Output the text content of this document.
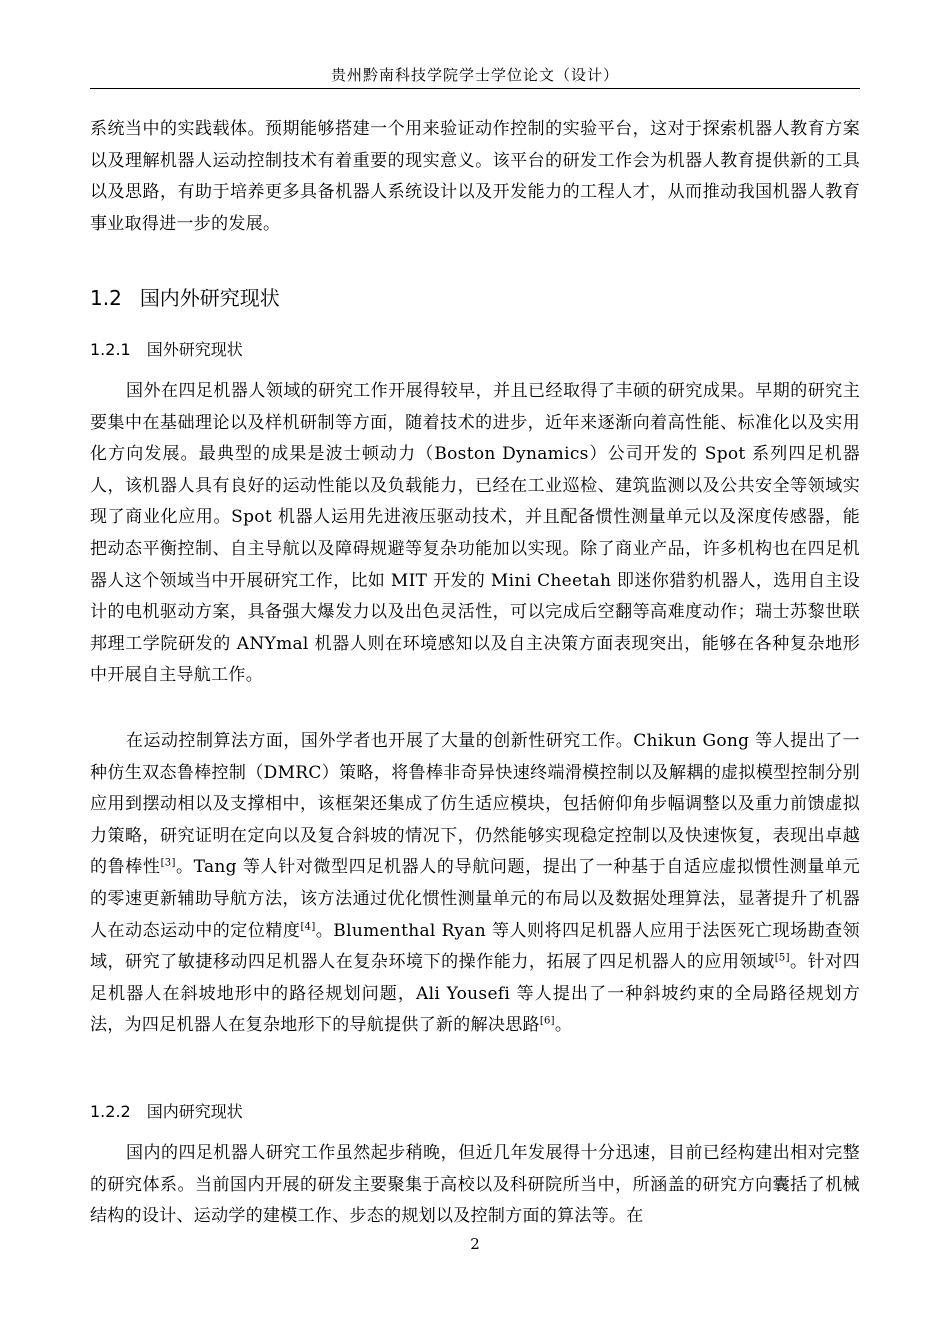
贵州黔南科技学院学士学位论文（设计）
系统当中的实践载体。预期能够搭建一个用来验证动作控制的实验平台，这对于探索机器人教育方案以及理解机器人运动控制技术有着重要的现实意义。该平台的研发工作会为机器人教育提供新的工具以及思路，有助于培养更多具备机器人系统设计以及开发能力的工程人才，从而推动我国机器人教育事业取得进一步的发展。
1.2 国内外研究现状
1.2.1 国外研究现状
国外在四足机器人领域的研究工作开展得较早，并且已经取得了丰硕的研究成果。早期的研究主要集中在基础理论以及样机研制等方面，随着技术的进步，近年来逐渐向着高性能、标准化以及实用化方向发展。最典型的成果是波士顿动力（Boston Dynamics）公司开发的 Spot 系列四足机器人，该机器人具有良好的运动性能以及负载能力，已经在工业巡检、建筑监测以及公共安全等领域实现了商业化应用。Spot 机器人运用先进液压驱动技术，并且配备惯性测量单元以及深度传感器，能把动态平衡控制、自主导航以及障碍规避等复杂功能加以实现。除了商业产品，许多机构也在四足机器人这个领域当中开展研究工作，比如 MIT 开发的 Mini Cheetah 即迷你猎豹机器人，选用自主设计的电机驱动方案，具备强大爆发力以及出色灵活性，可以完成后空翻等高难度动作；瑞士苏黎世联邦理工学院研发的 ANYmal 机器人则在环境感知以及自主决策方面表现突出，能够在各种复杂地形中开展自主导航工作。
在运动控制算法方面，国外学者也开展了大量的创新性研究工作。Chikun Gong 等人提出了一种仿生双态鲁棒控制（DMRC）策略，将鲁棒非奇异快速终端滑模控制以及解耦的虚拟模型控制分别应用到摆动相以及支撑相中，该框架还集成了仿生适应模块，包括俯仰角步幅调整以及重力前馈虚拟力策略，研究证明在定向以及复合斜坡的情况下，仍然能够实现稳定控制以及快速恢复，表现出卓越的鲁棒性[3]。Tang 等人针对微型四足机器人的导航问题，提出了一种基于自适应虚拟惯性测量单元的零速更新辅助导航方法，该方法通过优化惯性测量单元的布局以及数据处理算法，显著提升了机器人在动态运动中的定位精度[4]。Blumenthal Ryan 等人则将四足机器人应用于法医死亡现场勘查领域，研究了敏捷移动四足机器人在复杂环境下的操作能力，拓展了四足机器人的应用领域[5]。针对四足机器人在斜坡地形中的路径规划问题，Ali Yousefi 等人提出了一种斜坡约束的全局路径规划方法，为四足机器人在复杂地形下的导航提供了新的解决思路[6]。
1.2.2 国内研究现状
国内的四足机器人研究工作虽然起步稍晚，但近几年发展得十分迅速，目前已经构建出相对完整的研究体系。当前国内开展的研发主要聚集于高校以及科研院所当中，所涵盖的研究方向囊括了机械结构的设计、运动学的建模工作、步态的规划以及控制方面的算法等。在
2
